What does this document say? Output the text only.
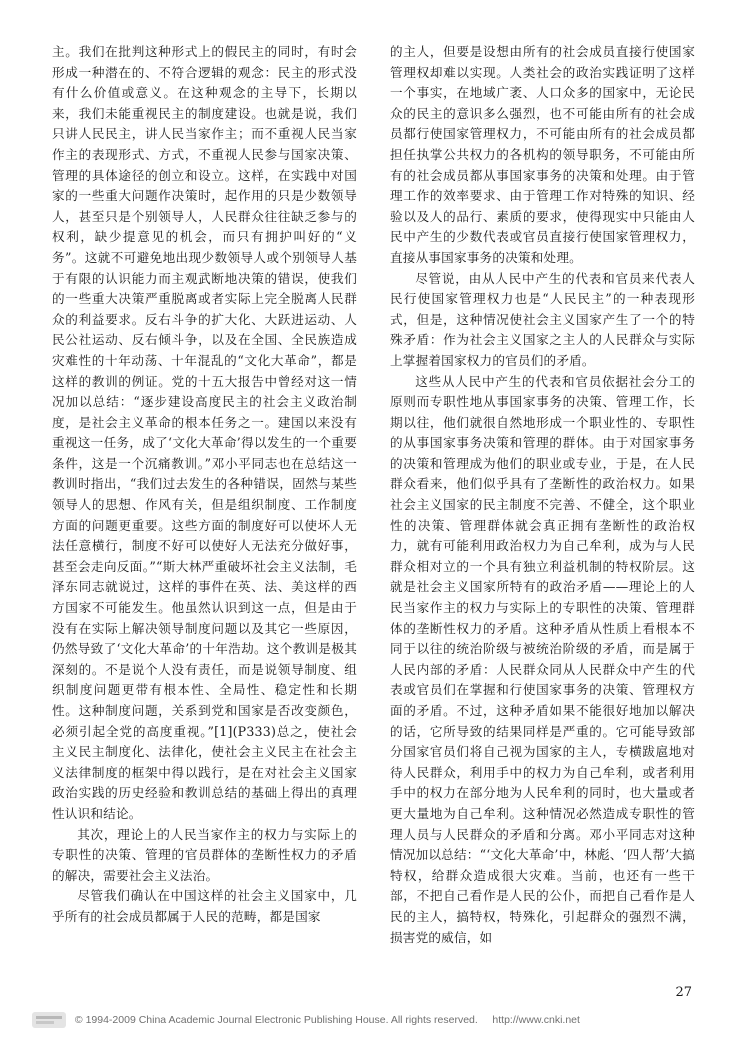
主。我们在批判这种形式上的假民主的同时，有时会形成一种潜在的、不符合逻辑的观念：民主的形式没有什么价值或意义。在这种观念的主导下，长期以来，我们未能重视民主的制度建设。也就是说，我们只讲人民民主，讲人民当家作主；而不重视人民当家作主的表现形式、方式，不重视人民参与国家决策、管理的具体途径的创立和设立。这样，在实践中对国家的一些重大问题作决策时，起作用的只是少数领导人，甚至只是个别领导人，人民群众往往缺乏参与的权利，缺少提意见的机会，而只有拥护叫好的“义务”。这就不可避免地出现少数领导人或个别领导人基于有限的认识能力而主观武断地决策的错误，使我们的一些重大决策严重脱离或者实际上完全脱离人民群众的利益要求。反右斗争的扩大化、大跃进运动、人民公社运动、反右倾斗争，以及在全国、全民族造成灾难性的十年动荡、十年混乱的“文化大革命”，都是这样的教训的例证。党的十五大报告中曾经对这一情况加以总结：“逐步建设高度民主的社会主义政治制度，是社会主义革命的根本任务之一。建国以来没有重视这一任务，成了‘文化大革命’得以发生的一个重要条件，这是一个沉痛教训。”邓小平同志也在总结这一教训时指出，“我们过去发生的各种错误，固然与某些领导人的思想、作风有关，但是组织制度、工作制度方面的问题更重要。这些方面的制度好可以使坏人无法任意横行，制度不好可以使好人无法充分做好事，甚至会走向反面。”“斯大林严重破坏社会主义法制，毛泽东同志就说过，这样的事件在英、法、美这样的西方国家不可能发生。他虽然认识到这一点，但是由于没有在实际上解决领导制度问题以及其它一些原因，仍然导致了‘文化大革命’的十年浩劫。这个教训是极其深刻的。不是说个人没有责任，而是说领导制度、组织制度问题更带有根本性、全局性、稳定性和长期性。这种制度问题，关系到党和国家是否改变颜色，必须引起全党的高度重视。”[1](P333)总之，使社会主义民主制度化、法律化，使社会主义民主在社会主义法律制度的框架中得以践行，是在对社会主义国家政治实践的历史经验和教训总结的基础上得出的真理性认识和结论。

其次，理论上的人民当家作主的权力与实际上的专职性的决策、管理的官员群体的垄断性权力的矛盾的解决，需要社会主义法治。

尽管我们确认在中国这样的社会主义国家中，几乎所有的社会成员都属于人民的范畴，都是国家

的主人，但要是设想由所有的社会成员直接行使国家管理权却难以实现。人类社会的政治实践证明了这样一个事实，在地域广袤、人口众多的国家中，无论民众的民主的意识多么强烈，也不可能由所有的社会成员都行使国家管理权力，不可能由所有的社会成员都担任执掌公共权力的各机构的领导职务，不可能由所有的社会成员都从事国家事务的决策和处理。由于管理工作的效率要求、由于管理工作对特殊的知识、经验以及人的品行、素质的要求，使得现实中只能由人民中产生的少数代表或官员直接行使国家管理权力，直接从事国家事务的决策和处理。

尽管说，由从人民中产生的代表和官员来代表人民行使国家管理权力也是“人民民主”的一种表现形式，但是，这种情况使社会主义国家产生了一个的特殊矛盾：作为社会主义国家之主人的人民群众与实际上掌握着国家权力的官员们的矛盾。

这些从人民中产生的代表和官员依据社会分工的原则而专职性地从事国家事务的决策、管理工作，长期以往，他们就很自然地形成一个职业性的、专职性的从事国家事务决策和管理的群体。由于对国家事务的决策和管理成为他们的职业或专业，于是，在人民群众看来，他们似乎具有了垄断性的政治权力。如果社会主义国家的民主制度不完善、不健全，这个职业性的决策、管理群体就会真正拥有垄断性的政治权力，就有可能利用政治权力为自己牟利，成为与人民群众相对立的一个具有独立利益机制的特权阶层。这就是社会主义国家所特有的政治矛盾——理论上的人民当家作主的权力与实际上的专职性的决策、管理群体的垄断性权力的矛盾。这种矛盾从性质上看根本不同于以往的统治阶级与被统治阶级的矛盾，而是属于人民内部的矛盾：人民群众同从人民群众中产生的代表或官员们在掌握和行使国家事务的决策、管理权方面的矛盾。不过，这种矛盾如果不能很好地加以解决的话，它所导致的结果同样是严重的。它可能导致部分国家官员们将自己视为国家的主人，专横跋扈地对待人民群众，利用手中的权力为自己牟利，或者利用手中的权力在部分地为人民牟利的同时，也大量或者更大量地为自己牟利。这种情况必然造成专职性的管理人员与人民群众的矛盾和分离。邓小平同志对这种情况加以总结：“‘文化大革命’中，林彪、‘四人帮’大搞特权，给群众造成很大灾难。当前，也还有一些干部，不把自己看作是人民的公仆，而把自己看作是人民的主人，搞特权，特殊化，引起群众的强烈不满，损害党的威信，如

27
© 1994-2009 China Academic Journal Electronic Publishing House. All rights reserved. http://www.cnki.net
